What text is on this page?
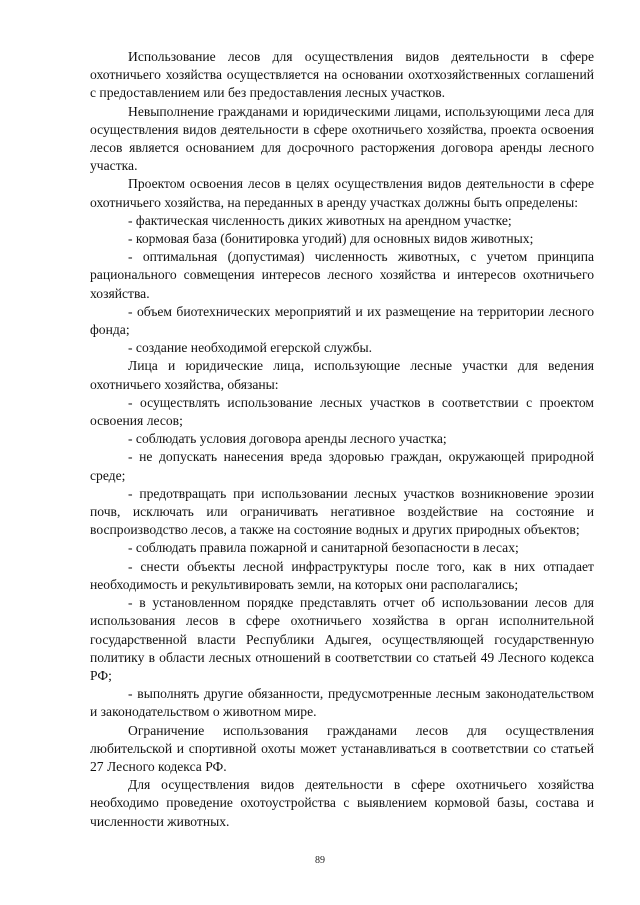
Использование лесов для осуществления видов деятельности в сфере охотничьего хозяйства осуществляется на основании охотхозяйственных соглашений с предоставлением или без предоставления лесных участков.

Невыполнение гражданами и юридическими лицами, использующими леса для осуществления видов деятельности в сфере охотничьего хозяйства, проекта освоения лесов является основанием для досрочного расторжения договора аренды лесного участка.

Проектом освоения лесов в целях осуществления видов деятельности в сфере охотничьего хозяйства, на переданных в аренду участках должны быть определены:

- фактическая численность диких животных на арендном участке;

- кормовая база (бонитировка угодий) для основных видов животных;

- оптимальная (допустимая) численность животных, с учетом принципа рационального совмещения интересов лесного хозяйства и интересов охотничьего хозяйства.

- объем биотехнических мероприятий и их размещение на территории лесного фонда;

- создание необходимой егерской службы.

Лица и юридические лица, использующие лесные участки для ведения охотничьего хозяйства, обязаны:

- осуществлять использование лесных участков в соответствии с проектом освоения лесов;

- соблюдать условия договора аренды лесного участка;

- не допускать нанесения вреда здоровью граждан, окружающей природной среде;

- предотвращать при использовании лесных участков возникновение эрозии почв, исключать или ограничивать негативное воздействие на состояние и воспроизводство лесов, а также на состояние водных и других природных объектов;

- соблюдать правила пожарной и санитарной безопасности в лесах;

- снести объекты лесной инфраструктуры после того, как в них отпадает необходимость и рекультивировать земли, на которых они располагались;

- в установленном порядке представлять отчет об использовании лесов для использования лесов в сфере охотничьего хозяйства в орган исполнительной государственной власти Республики Адыгея, осуществляющей государственную политику в области лесных отношений в соответствии со статьей 49 Лесного кодекса РФ;

- выполнять другие обязанности, предусмотренные лесным законодательством и законодательством о животном мире.

Ограничение использования гражданами лесов для осуществления любительской и спортивной охоты может устанавливаться в соответствии со статьей 27 Лесного кодекса РФ.

Для осуществления видов деятельности в сфере охотничьего хозяйства необходимо проведение охотоустройства с выявлением кормовой базы, состава и численности животных.

89
